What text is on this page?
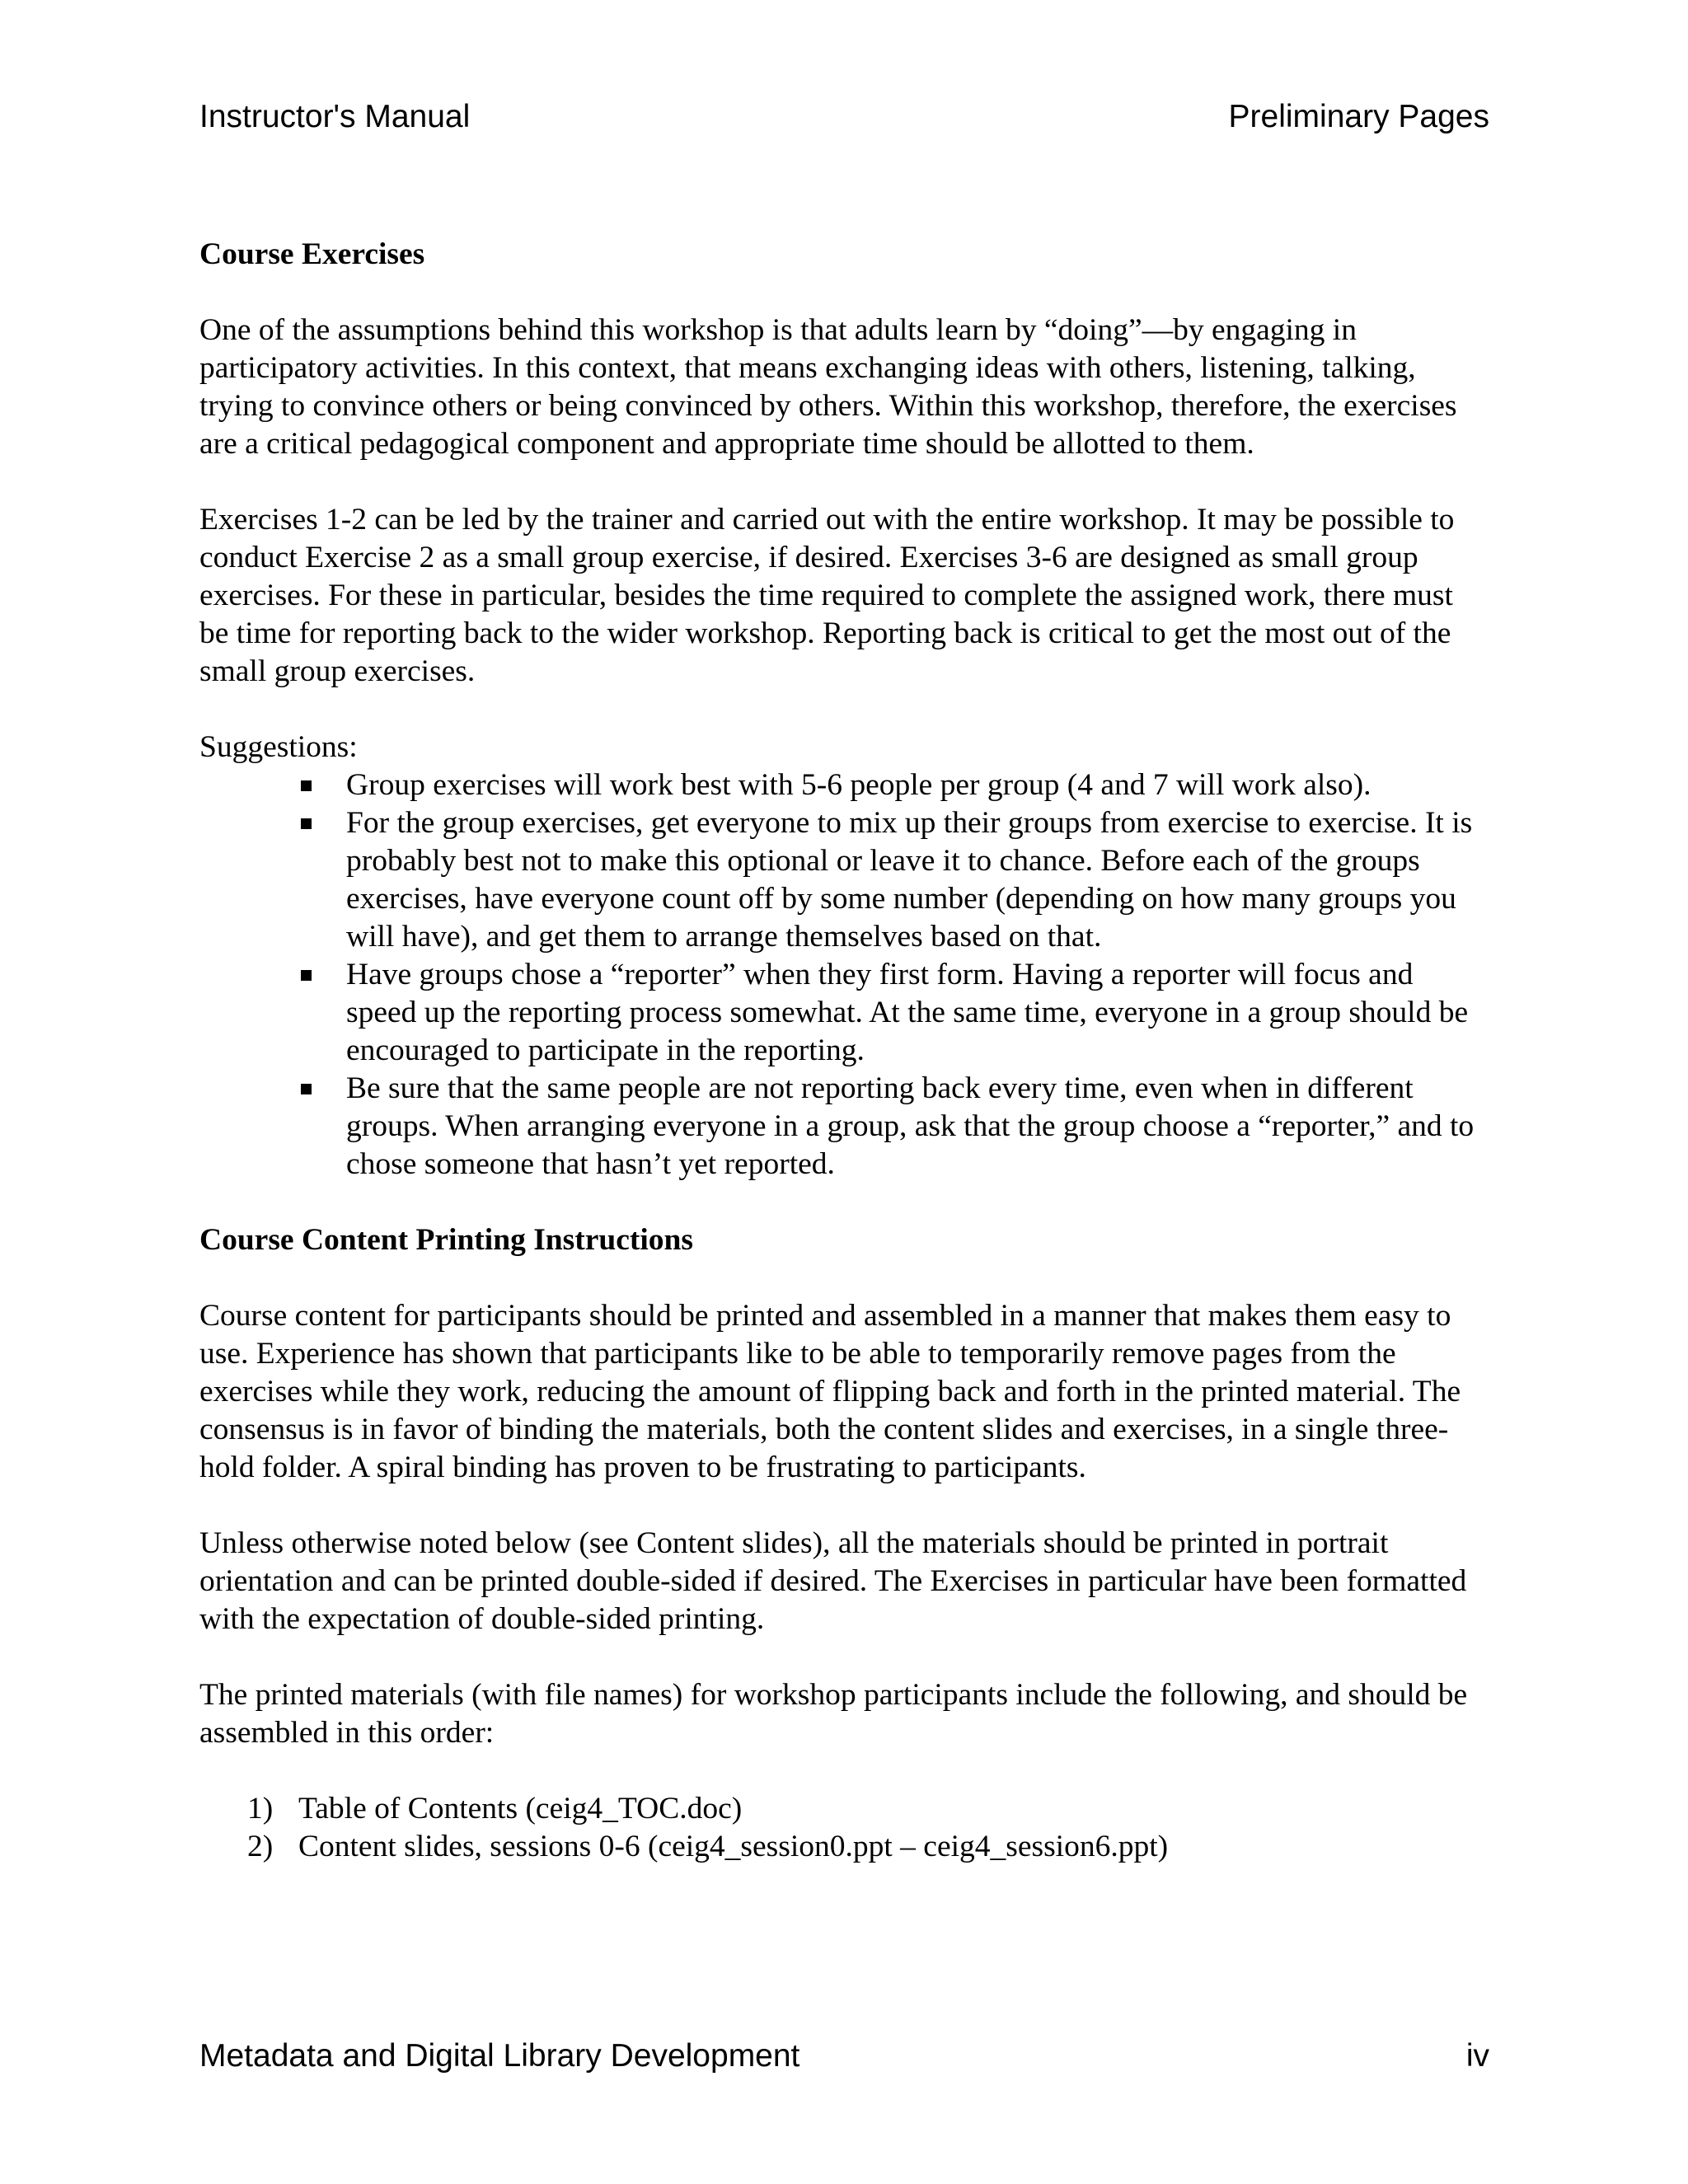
Instructor's Manual	Preliminary Pages
Course Exercises

One of the assumptions behind this workshop is that adults learn by “doing”—by engaging in participatory activities. In this context, that means exchanging ideas with others, listening, talking, trying to convince others or being convinced by others. Within this workshop, therefore, the exercises are a critical pedagogical component and appropriate time should be allotted to them.

Exercises 1-2 can be led by the trainer and carried out with the entire workshop. It may be possible to conduct Exercise 2 as a small group exercise, if desired. Exercises 3-6 are designed as small group exercises. For these in particular, besides the time required to complete the assigned work, there must be time for reporting back to the wider workshop. Reporting back is critical to get the most out of the small group exercises.

Suggestions:

Group exercises will work best with 5-6 people per group (4 and 7 will work also).
For the group exercises, get everyone to mix up their groups from exercise to exercise. It is probably best not to make this optional or leave it to chance. Before each of the groups exercises, have everyone count off by some number (depending on how many groups you will have), and get them to arrange themselves based on that.
Have groups chose a “reporter” when they first form. Having a reporter will focus and speed up the reporting process somewhat. At the same time, everyone in a group should be encouraged to participate in the reporting.
Be sure that the same people are not reporting back every time, even when in different groups. When arranging everyone in a group, ask that the group choose a “reporter,” and to chose someone that hasn’t yet reported.
Course Content Printing Instructions

Course content for participants should be printed and assembled in a manner that makes them easy to use. Experience has shown that participants like to be able to temporarily remove pages from the exercises while they work, reducing the amount of flipping back and forth in the printed material. The consensus is in favor of binding the materials, both the content slides and exercises, in a single three-hold folder. A spiral binding has proven to be frustrating to participants.

Unless otherwise noted below (see Content slides), all the materials should be printed in portrait orientation and can be printed double-sided if desired. The Exercises in particular have been formatted with the expectation of double-sided printing.

The printed materials (with file names) for workshop participants include the following, and should be assembled in this order:

1) Table of Contents (ceig4_TOC.doc)
2) Content slides, sessions 0-6 (ceig4_session0.ppt – ceig4_session6.ppt)
Metadata and Digital Library Development	iv
